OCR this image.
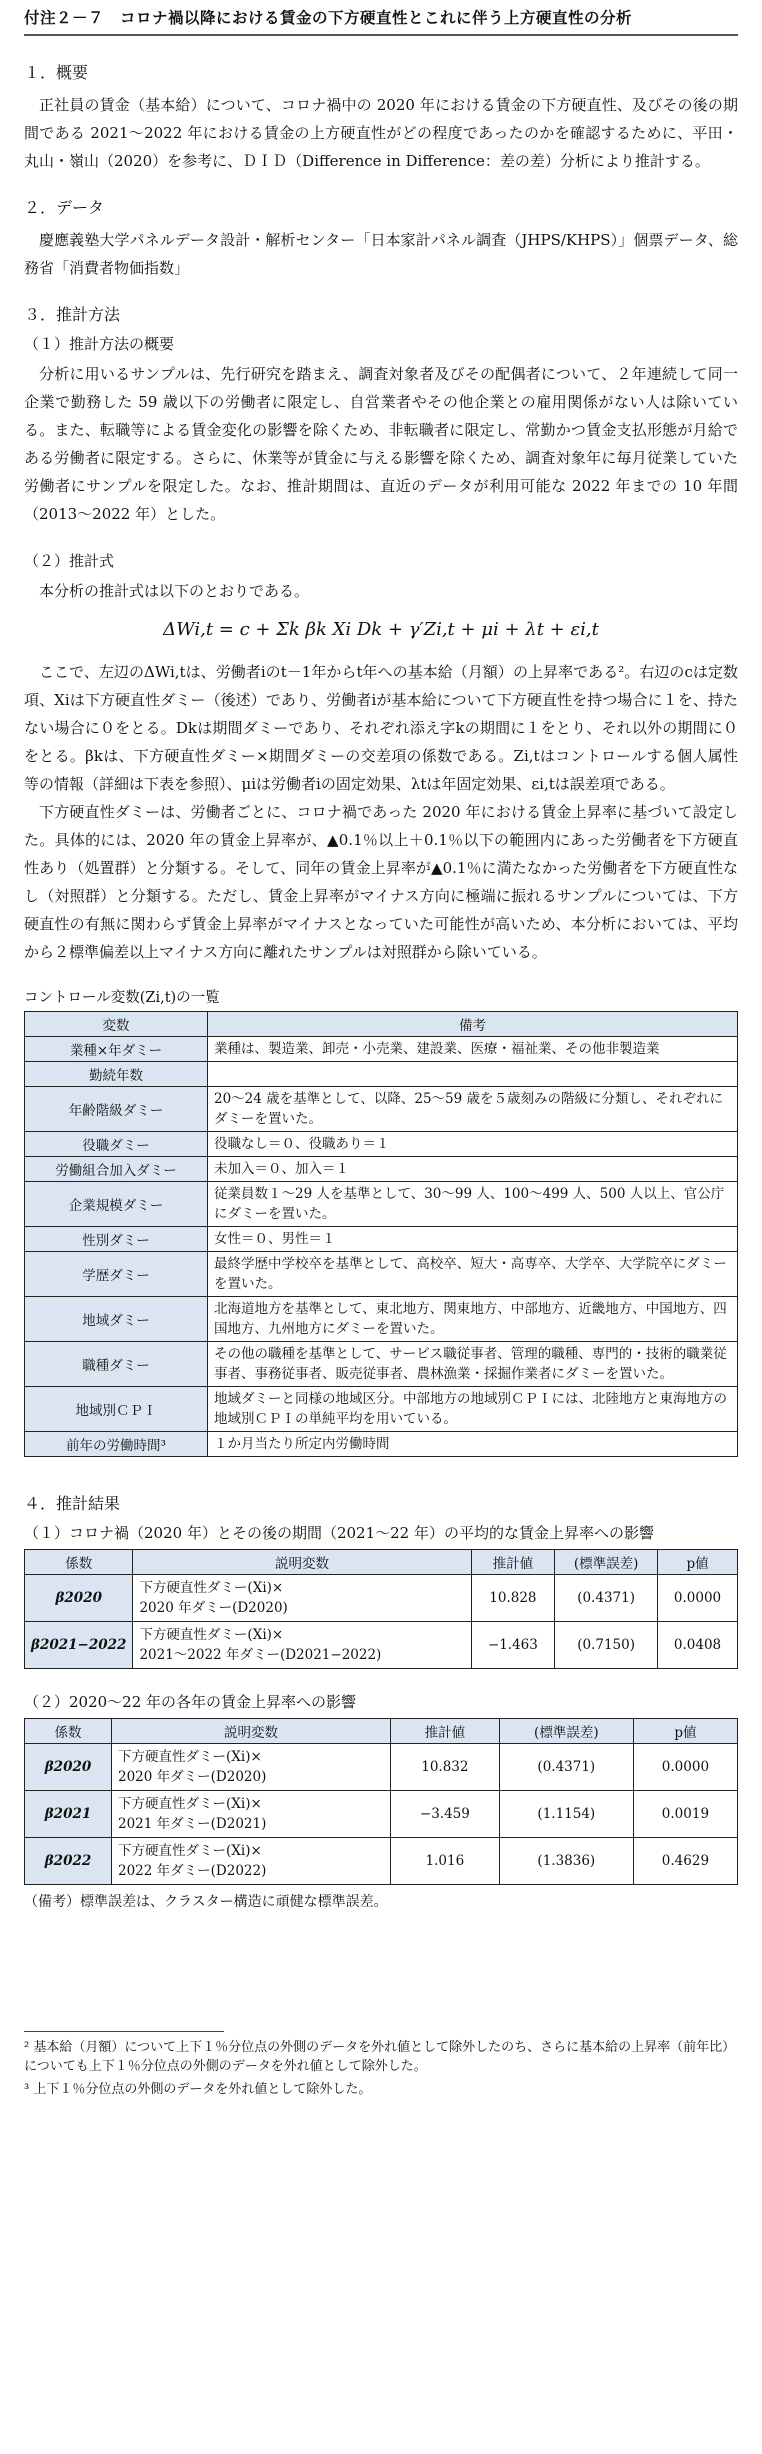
付注２－７　コロナ禍以降における賃金の下方硬直性とこれに伴う上方硬直性の分析
１．概要

正社員の賃金（基本給）について、コロナ禍中の 2020 年における賃金の下方硬直性、及びその後の期間である 2021～2022 年における賃金の上方硬直性がどの程度であったのかを確認するために、平田・丸山・嶺山（2020）を参考に、ＤＩＤ（Difference in Difference：差の差）分析により推計する。

２．データ

慶應義塾大学パネルデータ設計・解析センター「日本家計パネル調査（JHPS/KHPS）」個票データ、総務省「消費者物価指数」

３．推計方法
（１）推計方法の概要

分析に用いるサンプルは、先行研究を踏まえ、調査対象者及びその配偶者について、２年連続して同一企業で勤務した 59 歳以下の労働者に限定し、自営業者やその他企業との雇用関係がない人は除いている。また、転職等による賃金変化の影響を除くため、非転職者に限定し、常勤かつ賃金支払形態が月給である労働者に限定する。さらに、休業等が賃金に与える影響を除くため、調査対象年に毎月従業していた労働者にサンプルを限定した。なお、推計期間は、直近のデータが利用可能な 2022 年までの 10 年間（2013～2022 年）とした。

（２）推計式

本分析の推計式は以下のとおりである。

ΔWi,t = c + Σk βk Xi Dk + γ′Zi,t + μi + λt + εi,t

ここで、左辺のΔWi,tは、労働者iのt－1年からt年への基本給（月額）の上昇率である²。右辺のcは定数項、Xiは下方硬直性ダミー（後述）であり、労働者iが基本給について下方硬直性を持つ場合に１を、持たない場合に０をとる。Dkは期間ダミーであり、それぞれ添え字kの期間に１をとり、それ以外の期間に０をとる。βkは、下方硬直性ダミー×期間ダミーの交差項の係数である。Zi,tはコントロールする個人属性等の情報（詳細は下表を参照）、μiは労働者iの固定効果、λtは年固定効果、εi,tは誤差項である。

下方硬直性ダミーは、労働者ごとに、コロナ禍であった 2020 年における賃金上昇率に基づいて設定した。具体的には、2020 年の賃金上昇率が、▲0.1％以上＋0.1％以下の範囲内にあった労働者を下方硬直性あり（処置群）と分類する。そして、同年の賃金上昇率が▲0.1％に満たなかった労働者を下方硬直性なし（対照群）と分類する。ただし、賃金上昇率がマイナス方向に極端に振れるサンプルについては、下方硬直性の有無に関わらず賃金上昇率がマイナスとなっていた可能性が高いため、本分析においては、平均から２標準偏差以上マイナス方向に離れたサンプルは対照群から除いている。

コントロール変数(Zi,t)の一覧
変数	備考
業種×年ダミー	業種は、製造業、卸売・小売業、建設業、医療・福祉業、その他非製造業
勤続年数	
年齢階級ダミー	20～24 歳を基準として、以降、25～59 歳を５歳刻みの階級に分類し、それぞれにダミーを置いた。
役職ダミー	役職なし＝０、役職あり＝１
労働組合加入ダミー	未加入＝０、加入＝１
企業規模ダミー	従業員数１～29 人を基準として、30～99 人、100～499 人、500 人以上、官公庁にダミーを置いた。
性別ダミー	女性＝０、男性＝１
学歴ダミー	最終学歴中学校卒を基準として、高校卒、短大・高専卒、大学卒、大学院卒にダミーを置いた。
地域ダミー	北海道地方を基準として、東北地方、関東地方、中部地方、近畿地方、中国地方、四国地方、九州地方にダミーを置いた。
職種ダミー	その他の職種を基準として、サービス職従事者、管理的職種、専門的・技術的職業従事者、事務従事者、販売従事者、農林漁業・採掘作業者にダミーを置いた。
地域別ＣＰＩ	地域ダミーと同様の地域区分。中部地方の地域別ＣＰＩには、北陸地方と東海地方の地域別ＣＰＩの単純平均を用いている。
前年の労働時間³	１か月当たり所定内労働時間
４．推計結果
（１）コロナ禍（2020 年）とその後の期間（2021～22 年）の平均的な賃金上昇率への影響
係数	説明変数	推計値	(標準誤差)	p値
β2020	下方硬直性ダミー(Xi)×
2020 年ダミー(D2020)	10.828	(0.4371)	0.0000
β2021−2022	下方硬直性ダミー(Xi)×
2021～2022 年ダミー(D2021−2022)	−1.463	(0.7150)	0.0408
（２）2020～22 年の各年の賃金上昇率への影響
係数	説明変数	推計値	(標準誤差)	p値
β2020	下方硬直性ダミー(Xi)×
2020 年ダミー(D2020)	10.832	(0.4371)	0.0000
β2021	下方硬直性ダミー(Xi)×
2021 年ダミー(D2021)	−3.459	(1.1154)	0.0019
β2022	下方硬直性ダミー(Xi)×
2022 年ダミー(D2022)	1.016	(1.3836)	0.4629
（備考）標準誤差は、クラスター構造に頑健な標準誤差。
² 基本給（月額）について上下１％分位点の外側のデータを外れ値として除外したのち、さらに基本給の上昇率（前年比）についても上下１％分位点の外側のデータを外れ値として除外した。
³ 上下１％分位点の外側のデータを外れ値として除外した。
